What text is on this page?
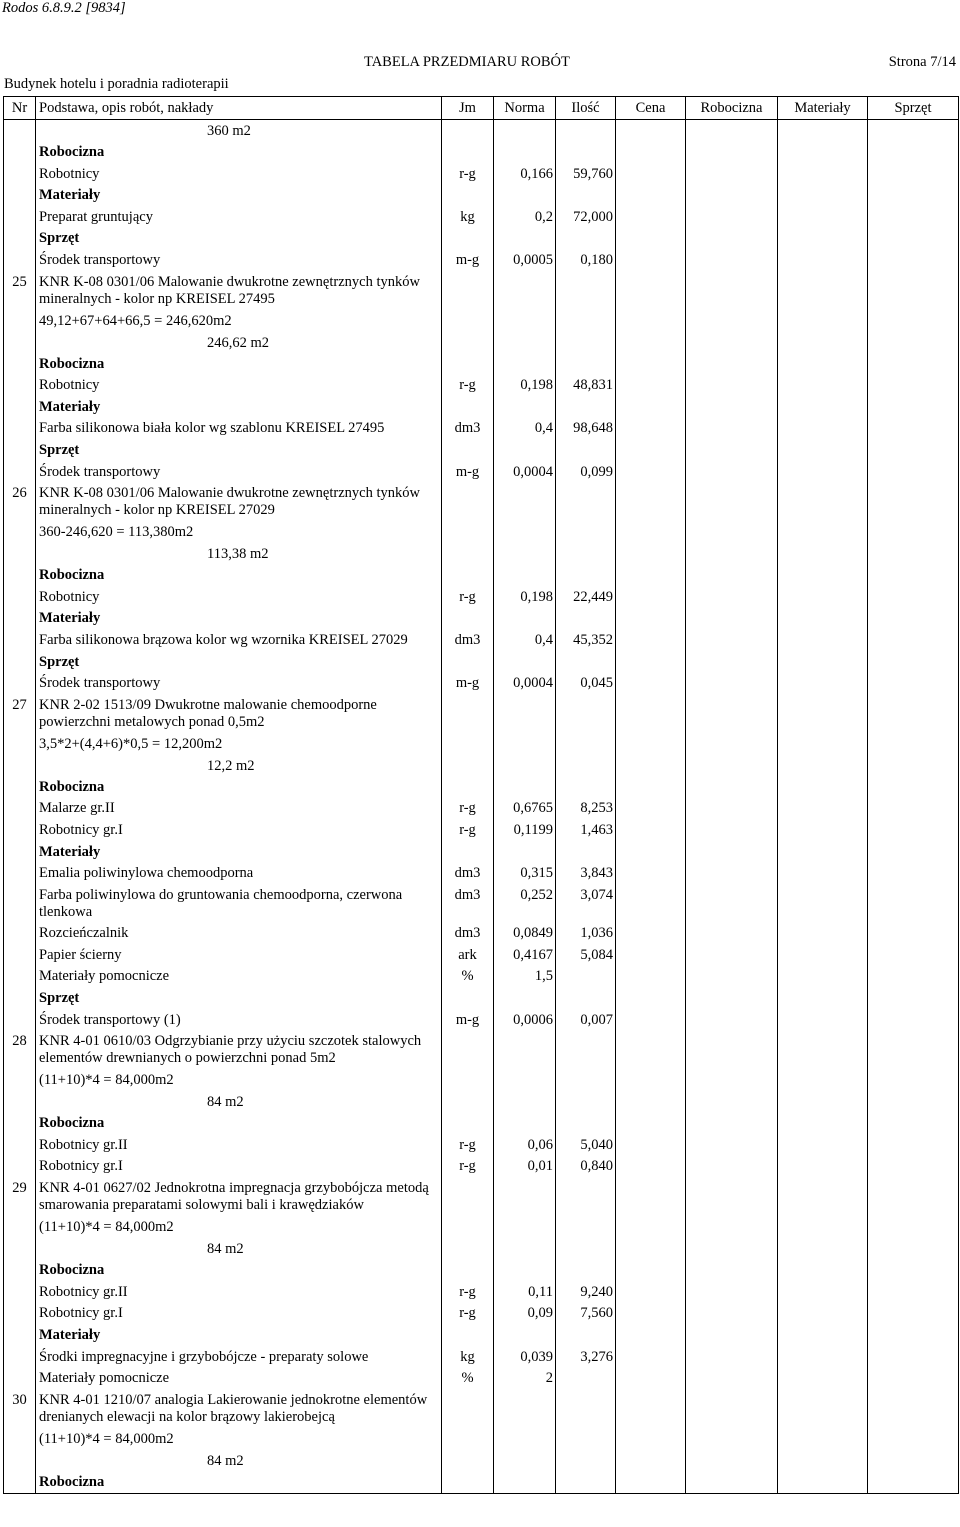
Rodos 6.8.9.2 [9834]
TABELA PRZEDMIARU ROBÓT	Strona 7/14
Budynek hotelu i poradnia radioterapii
Nr	Podstawa, opis robót, nakłady	Jm	Norma	Ilość	Cena	Robocizna	Materiały	Sprzęt
	360 m2							
	Robocizna							
	Robotnicy	r-g	0,166	59,760				
	Materiały							
	Preparat gruntujący	kg	0,2	72,000				
	Sprzęt							
	Środek transportowy	m-g	0,0005	0,180				
25	KNR K-08 0301/06 Malowanie dwukrotne zewnętrznych tynków mineralnych - kolor np KREISEL 27495							
	49,12+67+64+66,5 = 246,620m2							
	246,62 m2							
	Robocizna							
	Robotnicy	r-g	0,198	48,831				
	Materiały							
	Farba silikonowa biała kolor wg szablonu KREISEL 27495	dm3	0,4	98,648				
	Sprzęt							
	Środek transportowy	m-g	0,0004	0,099				
26	KNR K-08 0301/06 Malowanie dwukrotne zewnętrznych tynków mineralnych - kolor np KREISEL 27029							
	360-246,620 = 113,380m2							
	113,38 m2							
	Robocizna							
	Robotnicy	r-g	0,198	22,449				
	Materiały							
	Farba silikonowa brązowa kolor wg wzornika KREISEL 27029	dm3	0,4	45,352				
	Sprzęt							
	Środek transportowy	m-g	0,0004	0,045				
27	KNR 2-02 1513/09 Dwukrotne malowanie chemoodporne powierzchni metalowych ponad 0,5m2							
	3,5*2+(4,4+6)*0,5 = 12,200m2							
	12,2 m2							
	Robocizna							
	Malarze gr.II	r-g	0,6765	8,253				
	Robotnicy gr.I	r-g	0,1199	1,463				
	Materiały							
	Emalia poliwinylowa chemoodporna	dm3	0,315	3,843				
	Farba poliwinylowa do gruntowania chemoodporna, czerwona tlenkowa	dm3	0,252	3,074				
	Rozcieńczalnik	dm3	0,0849	1,036				
	Papier ścierny	ark	0,4167	5,084				
	Materiały pomocnicze	%	1,5					
	Sprzęt							
	Środek transportowy (1)	m-g	0,0006	0,007				
28	KNR 4-01 0610/03 Odgrzybianie przy użyciu szczotek stalowych elementów drewnianych o powierzchni ponad 5m2							
	(11+10)*4 = 84,000m2							
	84 m2							
	Robocizna							
	Robotnicy gr.II	r-g	0,06	5,040				
	Robotnicy gr.I	r-g	0,01	0,840				
29	KNR 4-01 0627/02 Jednokrotna impregnacja grzybobójcza metodą smarowania preparatami solowymi bali i krawędziaków							
	(11+10)*4 = 84,000m2							
	84 m2							
	Robocizna							
	Robotnicy gr.II	r-g	0,11	9,240				
	Robotnicy gr.I	r-g	0,09	7,560				
	Materiały							
	Środki impregnacyjne i grzybobójcze - preparaty solowe	kg	0,039	3,276				
	Materiały pomocnicze	%	2					
30	KNR 4-01 1210/07 analogia Lakierowanie jednokrotne elementów drenianych elewacji na kolor brązowy lakierobejcą							
	(11+10)*4 = 84,000m2							
	84 m2							
	Robocizna							
